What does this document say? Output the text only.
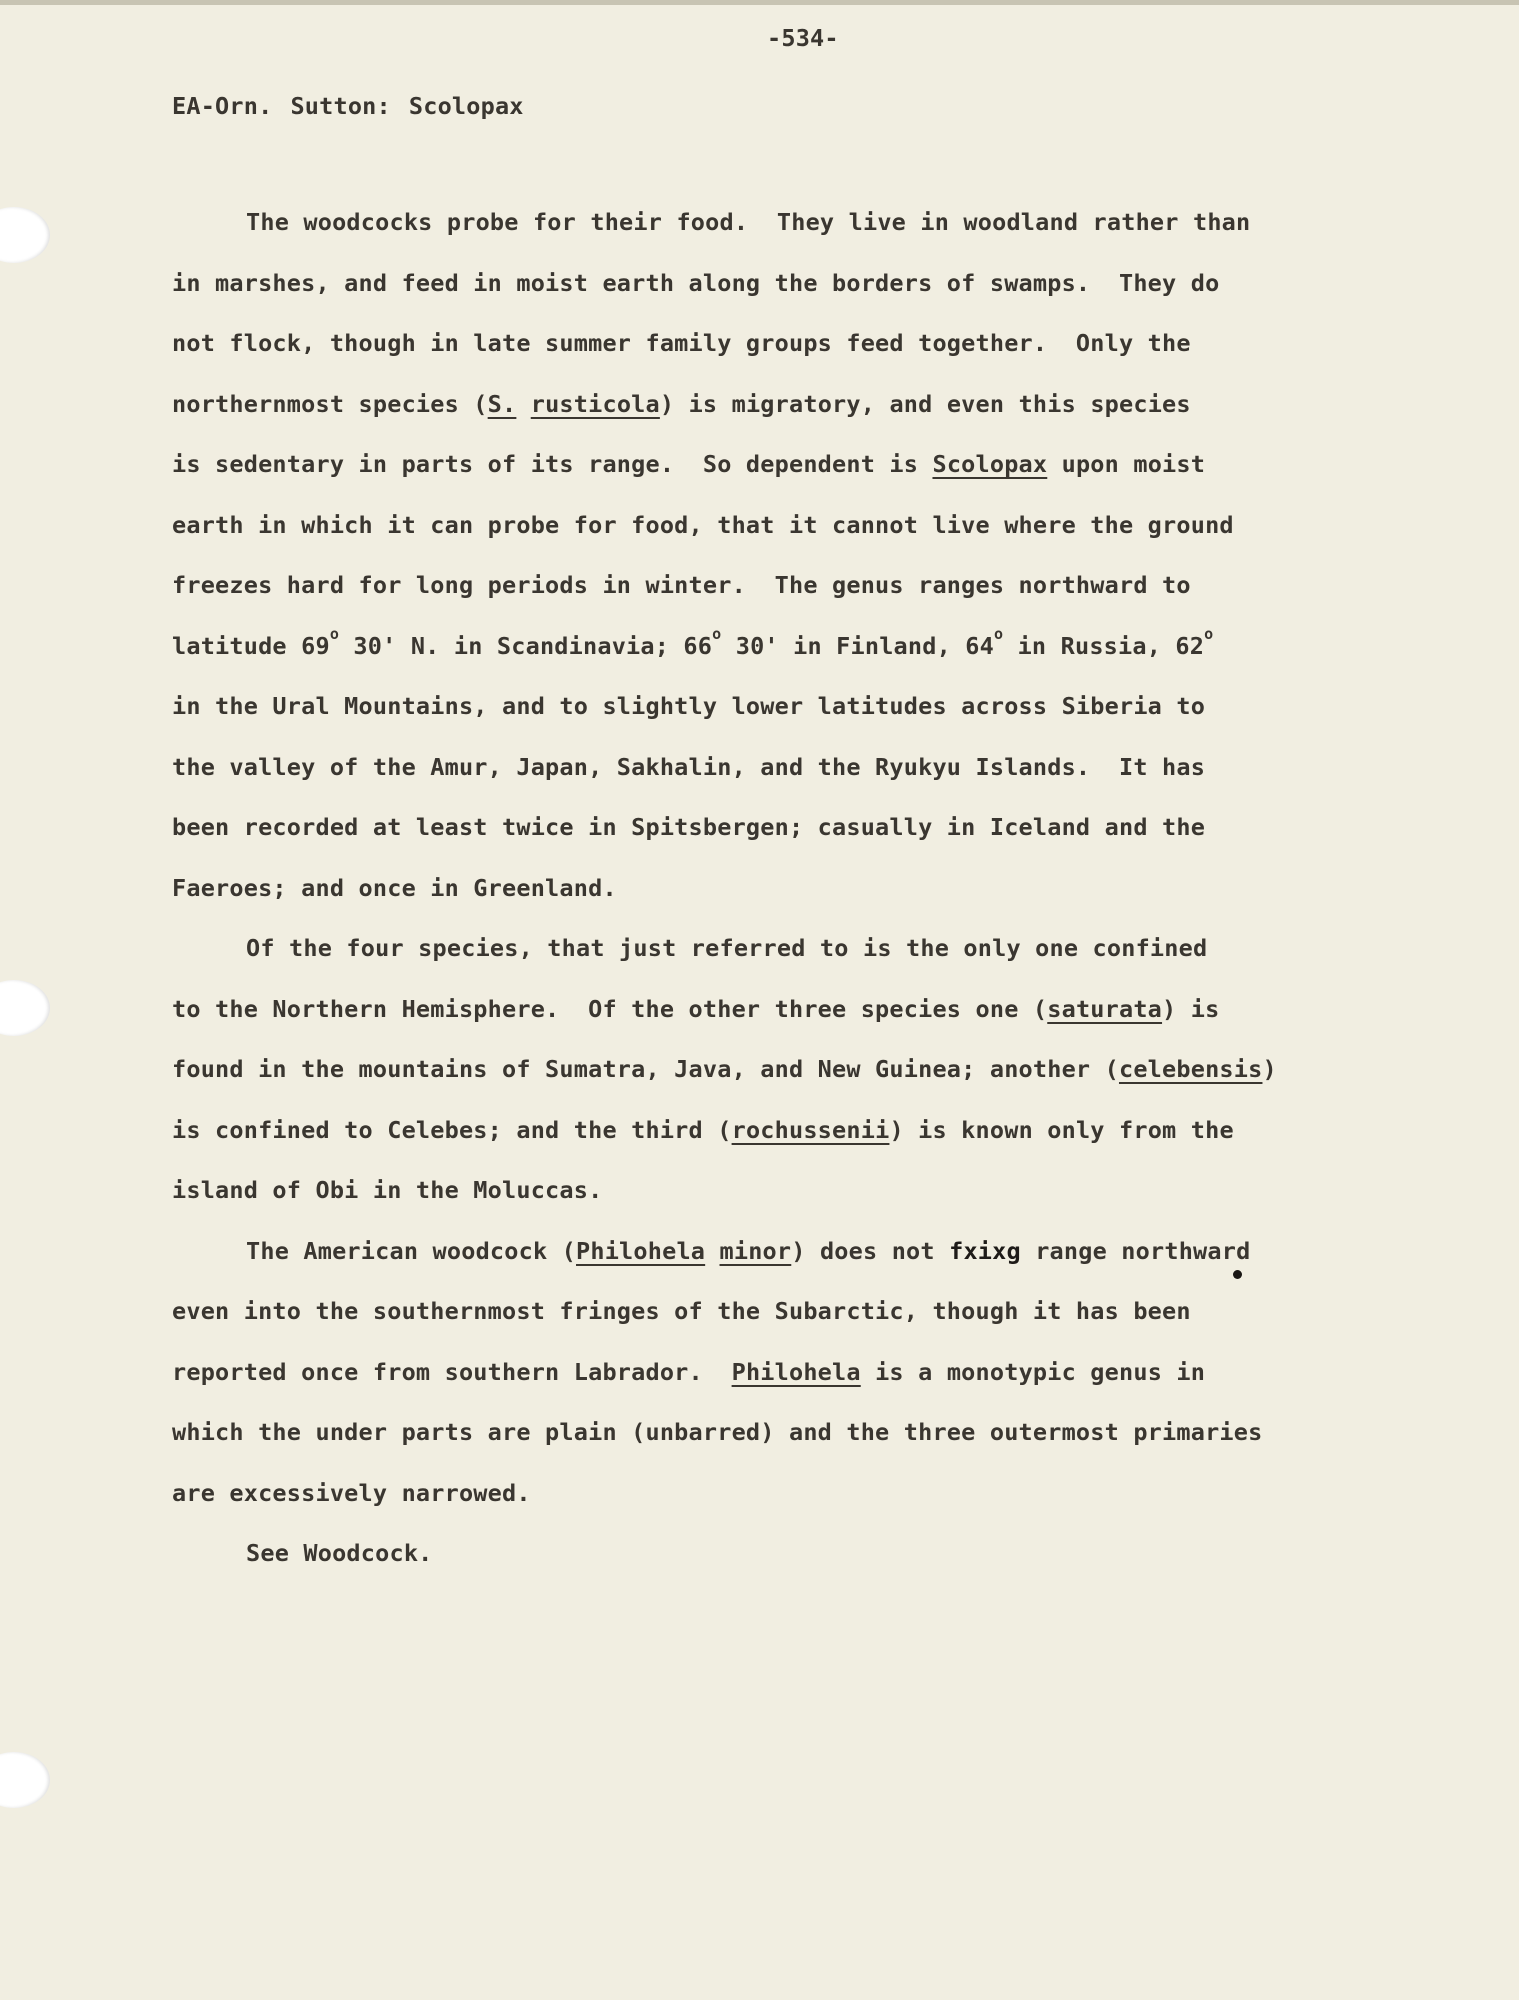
-534-
EA-Orn. Sutton: Scolopax
The woodcocks probe for their food.  They live in woodland rather than
in marshes, and feed in moist earth along the borders of swamps.  They do
not flock, though in late summer family groups feed together.  Only the
northernmost species (S. rusticola) is migratory, and even this species
is sedentary in parts of its range.  So dependent is Scolopax upon moist
earth in which it can probe for food, that it cannot live where the ground
freezes hard for long periods in winter.  The genus ranges northward to
latitude 69$^o$ 30' N. in Scandinavia; 66$^o$ 30' in Finland, 64$^o$ in Russia, 62$^o$
in the Ural Mountains, and to slightly lower latitudes across Siberia to
the valley of the Amur, Japan, Sakhalin, and the Ryukyu Islands.  It has
been recorded at least twice in Spitsbergen; casually in Iceland and the
Faeroes; and once in Greenland.
Of the four species, that just referred to is the only one confined
to the Northern Hemisphere.  Of the other three species one (saturata) is
found in the mountains of Sumatra, Java, and New Guinea; another (celebensis)
is confined to Celebes; and the third (rochussenii) is known only from the
island of Obi in the Moluccas.
The American woodcock (Philohela minor) does not fxixg range northward
even into the southernmost fringes of the Subarctic, though it has been
reported once from southern Labrador.  Philohela is a monotypic genus in
which the under parts are plain (unbarred) and the three outermost primaries
are excessively narrowed.
See Woodcock.
